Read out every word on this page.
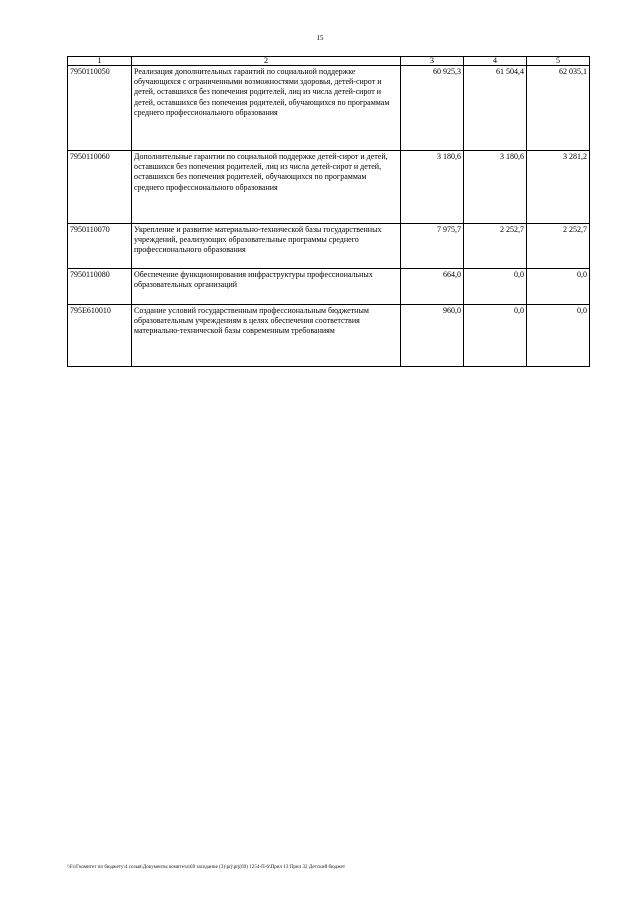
15
1	2	3	4	5
7950110050	Реализация дополнительных гарантий по социальной поддержке обучающихся с ограниченными возможностями здоровья, детей-сирот и детей, оставшихся без попечения родителей, лиц из числа детей-сирот и детей, оставшихся без попечения родителей, обучающихся по программам среднего профессионального образования	60 925,3	61 504,4	62 035,1
7950110060	Дополнительные гарантии по социальной поддержке детей-сирот и детей, оставшихся без попечения родителей, лиц из числа детей-сирот и детей, оставшихся без попечения родителей, обучающихся по программам среднего профессионального образования	3 180,6	3 180,6	3 281,2
7950110070	Укрепление и развитие материально-технической базы государственных учреждений, реализующих образовательные программы среднего профессионального образования	7 975,7	2 252,7	2 252,7
7950110080	Обеспечение функционирования инфраструктуры профессиональных образовательных организаций	664,0	0,0	0,0
795Е610010	Создание условий государственным профессиональным бюджетным образовательным учреждениям в целях обеспечения соответствия материально-технической базы современным требованиям	960,0	0,0	0,0
\\Fs\Гкомитет по бюджету\4 созыв\Документы комитета\69 заседание (3)\prj\prj(69) 1254-П-6\Прил 13 Прил 32 Детский бюджет
